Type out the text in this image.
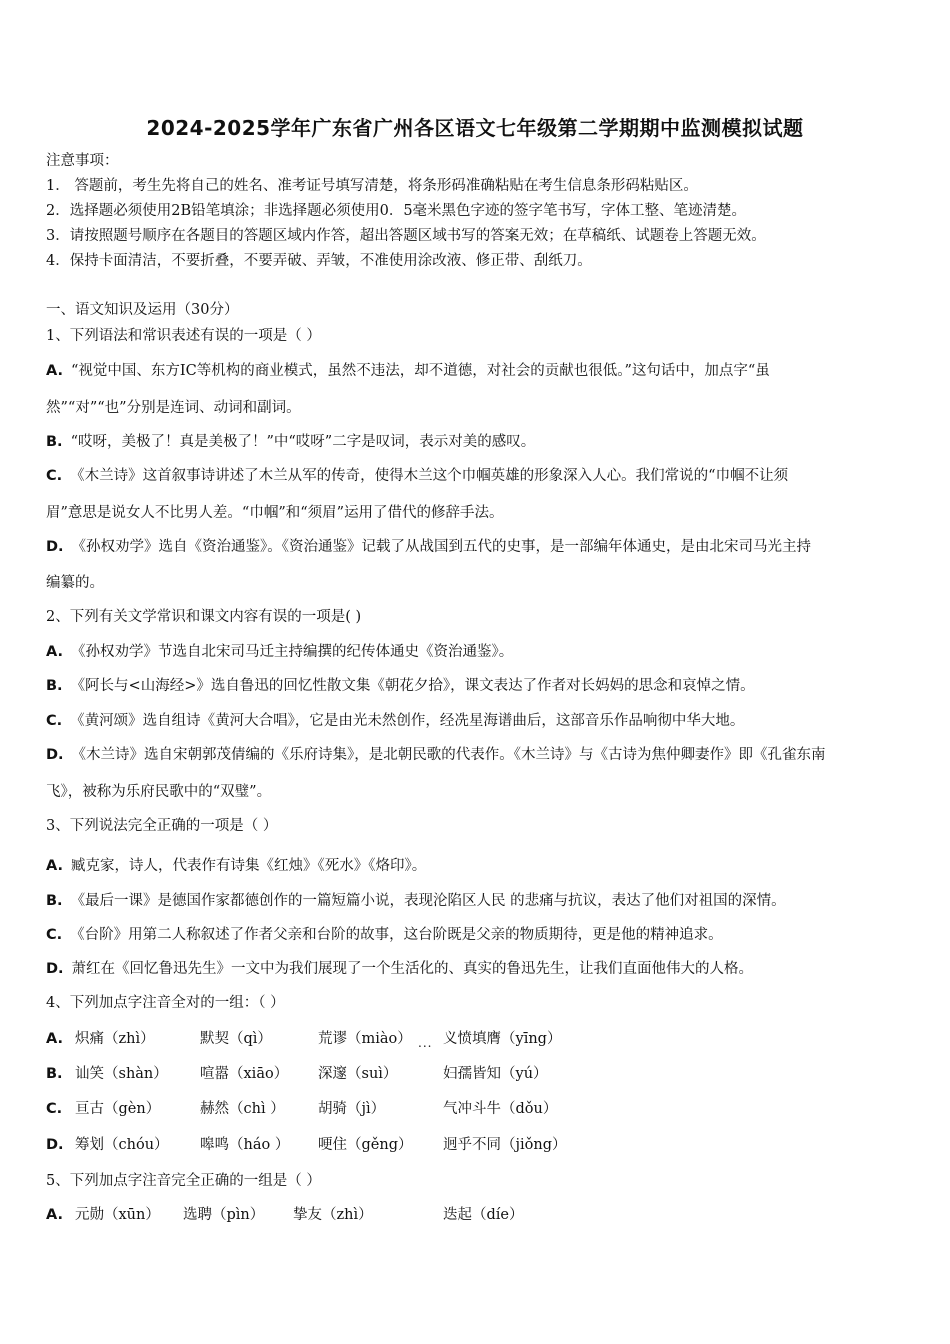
2024-2025学年广东省广州各区语文七年级第二学期期中监测模拟试题
注意事项：
1． 答题前，考生先将自己的姓名、准考证号填写清楚，将条形码准确粘贴在考生信息条形码粘贴区。
2．选择题必须使用2B铅笔填涂；非选择题必须使用0．5毫米黑色字迹的签字笔书写，字体工整、笔迹清楚。
3．请按照题号顺序在各题目的答题区域内作答，超出答题区域书写的答案无效；在草稿纸、试题卷上答题无效。
4．保持卡面清洁，不要折叠，不要弄破、弄皱，不准使用涂改液、修正带、刮纸刀。
一、语文知识及运用（30分）
1、下列语法和常识表述有误的一项是（ ）
A. “视觉中国、东方IC等机构的商业模式，虽然不违法，却不道德，对社会的贡献也很低。”这句话中，加点字“虽
然”“对”“也”分别是连词、动词和副词。
B. “哎呀，美极了！真是美极了！”中“哎呀”二字是叹词，表示对美的感叹。
C. 《木兰诗》这首叙事诗讲述了木兰从军的传奇，使得木兰这个巾帼英雄的形象深入人心。我们常说的“巾帼不让须
眉”意思是说女人不比男人差。“巾帼”和“须眉”运用了借代的修辞手法。
D. 《孙权劝学》选自《资治通鉴》。《资治通鉴》记载了从战国到五代的史事，是一部编年体通史，是由北宋司马光主持
编纂的。
2、下列有关文学常识和课文内容有误的一项是( )
A. 《孙权劝学》节选自北宋司马迁主持编撰的纪传体通史《资治通鉴》。
B. 《阿长与<山海经>》选自鲁迅的回忆性散文集《朝花夕拾》，课文表达了作者对长妈妈的思念和哀悼之情。
C. 《黄河颂》选自组诗《黄河大合唱》，它是由光未然创作，经冼星海谱曲后，这部音乐作品响彻中华大地。
D. 《木兰诗》选自宋朝郭茂倩编的《乐府诗集》，是北朝民歌的代表作。《木兰诗》与《古诗为焦仲卿妻作》即《孔雀东南
飞》，被称为乐府民歌中的“双璧”。
3、下列说法完全正确的一项是（ ）
A. 臧克家，诗人，代表作有诗集《红烛》《死水》《烙印》。
B. 《最后一课》是德国作家都德创作的一篇短篇小说，表现沦陷区人民 的悲痛与抗议，表达了他们对祖国的深情。
C. 《台阶》用第二人称叙述了作者父亲和台阶的故事，这台阶既是父亲的物质期待，更是他的精神追求。
D. 萧红在《回忆鲁迅先生》一文中为我们展现了一个生活化的、真实的鲁迅先生，让我们直面他伟大的人格。
4、下列加点字注音全对的一组：（ ）
A. 炽痛（zhì）	默契（qì）	荒谬（miào） ... 义愤填膺（yīng）
B. 讪笑（shàn） 喧嚣（xiāo） 深邃（suì）	妇孺皆知（yú）
C. 亘古（gèn）	赫然（chì ） 胡骑（jì）	气冲斗牛（dǒu）
D. 筹划（chóu） 嗥鸣（háo ） 哽住（gěng） 迥乎不同（jiǒng）
5、下列加点字注音完全正确的一组是（ ）
A. 元勋（xūn） 选聘（pìn） 挚友（zhì）	迭起（díe）
